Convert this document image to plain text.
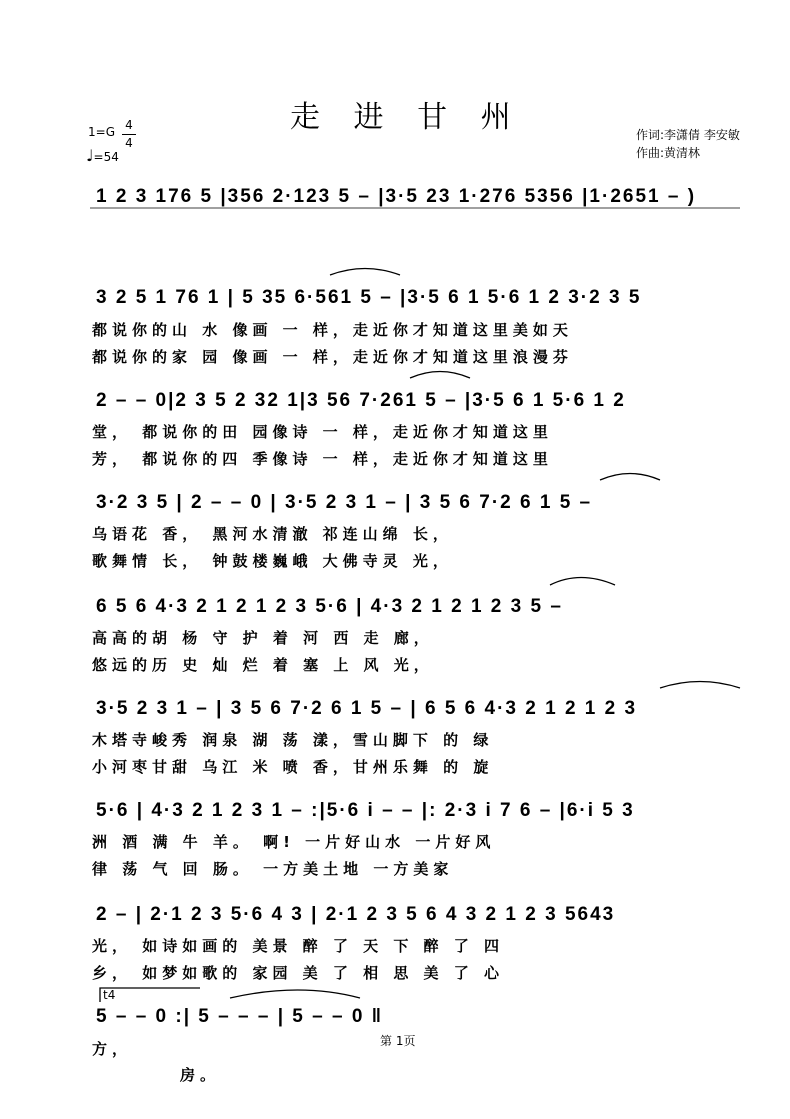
走 进 甘 州
1=G 4
4
♩=54
作词:李潇倩 李安敏
作曲:黄清林
1 2 3 176 5 |356 2·123 5 – |3·5 23 1·276 5356 |1·2651 – )
3 2 5 1 76 1 | 5 35 6·561 5 – |3·5 6 1 5·6 1 2 3·2 3 5
都说你的山 水 像画 一 样，走近你才知道这里美如天
都说你的家 园 像画 一 样，走近你才知道这里浪漫芬
2 – – 0|2 3 5 2 32 1|3 56 7·261 5 – |3·5 6 1 5·6 1 2
堂， 都说你的田 园像诗 一 样，走近你才知道这里
芳， 都说你的四 季像诗 一 样，走近你才知道这里
3·2 3 5 | 2 – – 0 | 3·5 2 3 1 – | 3 5 6 7·2 6 1 5 –
乌语花 香， 黑河水清澈 祁连山绵 长，
歌舞情 长， 钟鼓楼巍峨 大佛寺灵 光，
6 5 6 4·3 2 1 2 1 2 3 5·6 | 4·3 2 1 2 1 2 3 5 –
高高的胡 杨 守 护 着 河 西 走 廊，
悠远的历 史 灿 烂 着 塞 上 风 光，
3·5 2 3 1 – | 3 5 6 7·2 6 1 5 – | 6 5 6 4·3 2 1 2 1 2 3
木塔寺峻秀 润泉 湖 荡 漾，雪山脚下 的 绿
小河枣甘甜 乌江 米 喷 香，甘州乐舞 的 旋
5·6 | 4·3 2 1 2 3 1 – :|5·6 i – – |: 2·3 i 7 6 – |6·i 5 3
洲 酒 满 牛 羊。 啊! 一片好山水 一片好风
律 荡 气 回 肠。 一方美土地 一方美家
2 – | 2·1 2 3 5·6 4 3 | 2·1 2 3 5 6 4 3 2 1 2 3 5643
光， 如诗如画的 美景 醉 了 天 下 醉 了 四
乡， 如梦如歌的 家园 美 了 相 思 美 了 心
t4
5 – – 0 :| 5 – – – | 5 – – 0 ‖
方，
房。
第 1页
